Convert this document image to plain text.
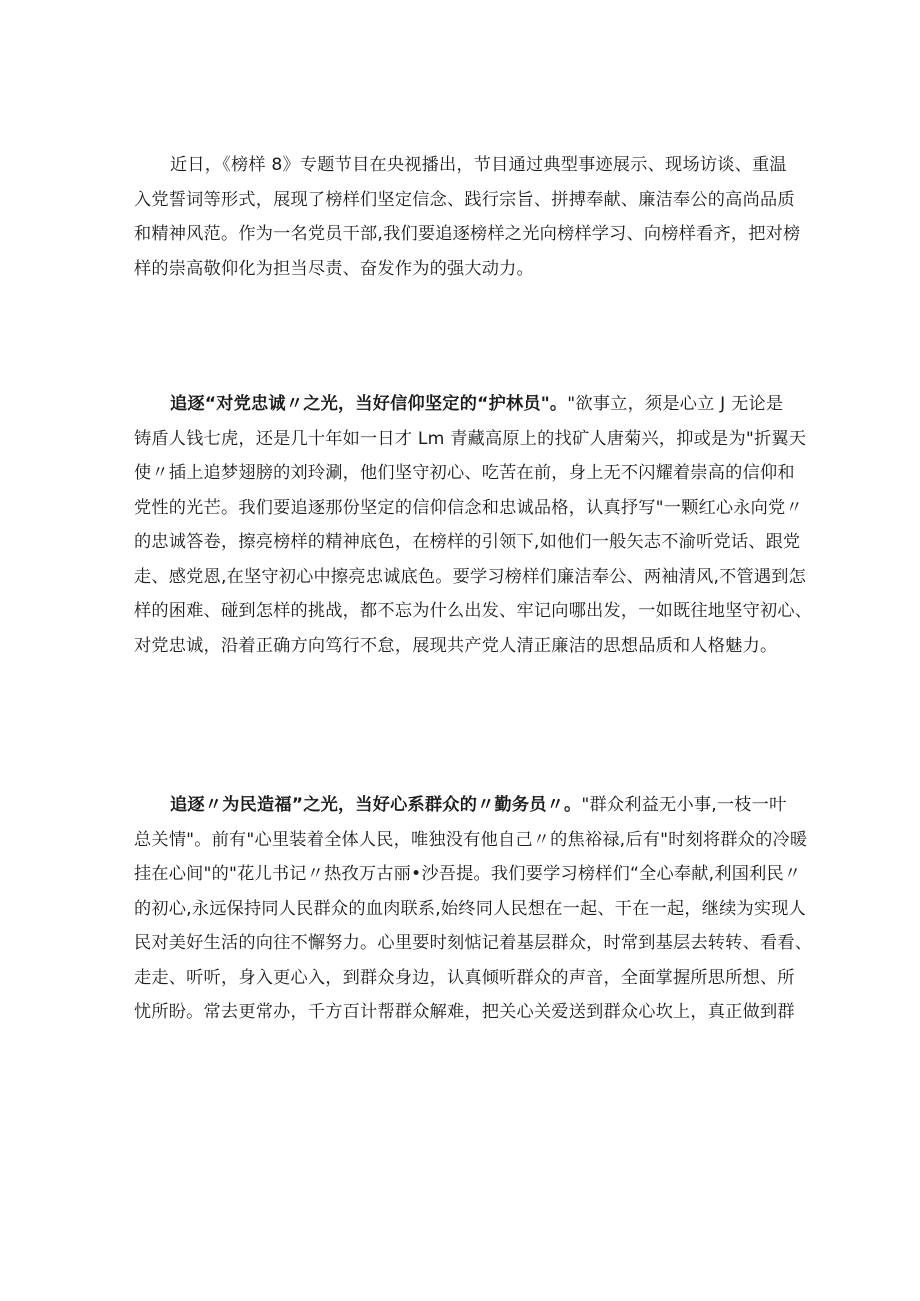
近日，《榜样 8》专题节目在央视播出，节目通过典型事迹展示、现场访谈、重温
入党誓词等形式，展现了榜样们坚定信念、践行宗旨、拼搏奉献、廉洁奉公的高尚品质
和精神风范。作为一名党员干部,我们要追逐榜样之光向榜样学习、向榜样看齐，把对榜
样的崇高敬仰化为担当尽责、奋发作为的强大动力。
追逐“对党忠诚〃之光，当好信仰坚定的“护林员"。"欲事立，须是心立 J 无论是
铸盾人钱七虎，还是几十年如一日才 Lm 青藏高原上的找矿人唐菊兴，抑或是为"折翼天
使〃插上追梦翅膀的刘玲涮，他们坚守初心、吃苦在前，身上无不闪耀着崇高的信仰和
党性的光芒。我们要追逐那份坚定的信仰信念和忠诚品格，认真抒写"一颗红心永向党〃
的忠诚答卷，擦亮榜样的精神底色，在榜样的引领下,如他们一般矢志不渝听党话、跟党
走、感党恩,在坚守初心中擦亮忠诚底色。要学习榜样们廉洁奉公、两袖清风,不管遇到怎
样的困难、碰到怎样的挑战，都不忘为什么出发、牢记向哪出发，一如既往地坚守初心、
对党忠诚，沿着正确方向笃行不怠，展现共产党人清正廉洁的思想品质和人格魅力。
追逐〃为民造福”之光，当好心系群众的〃勤务员〃。"群众利益无小事,一枝一叶
总关情"。前有"心里装着全体人民，唯独没有他自己〃的焦裕禄,后有"时刻将群众的冷暖
挂在心间"的"花儿书记〃热孜万古丽•沙吾提。我们要学习榜样们“全心奉献,利国利民〃
的初心,永远保持同人民群众的血肉联系,始终同人民想在一起、干在一起，继续为实现人
民对美好生活的向往不懈努力。心里要时刻惦记着基层群众，时常到基层去转转、看看、
走走、听听，身入更心入，到群众身边，认真倾听群众的声音，全面掌握所思所想、所
忧所盼。常去更常办，千方百计帮群众解难，把关心关爱送到群众心坎上，真正做到群
